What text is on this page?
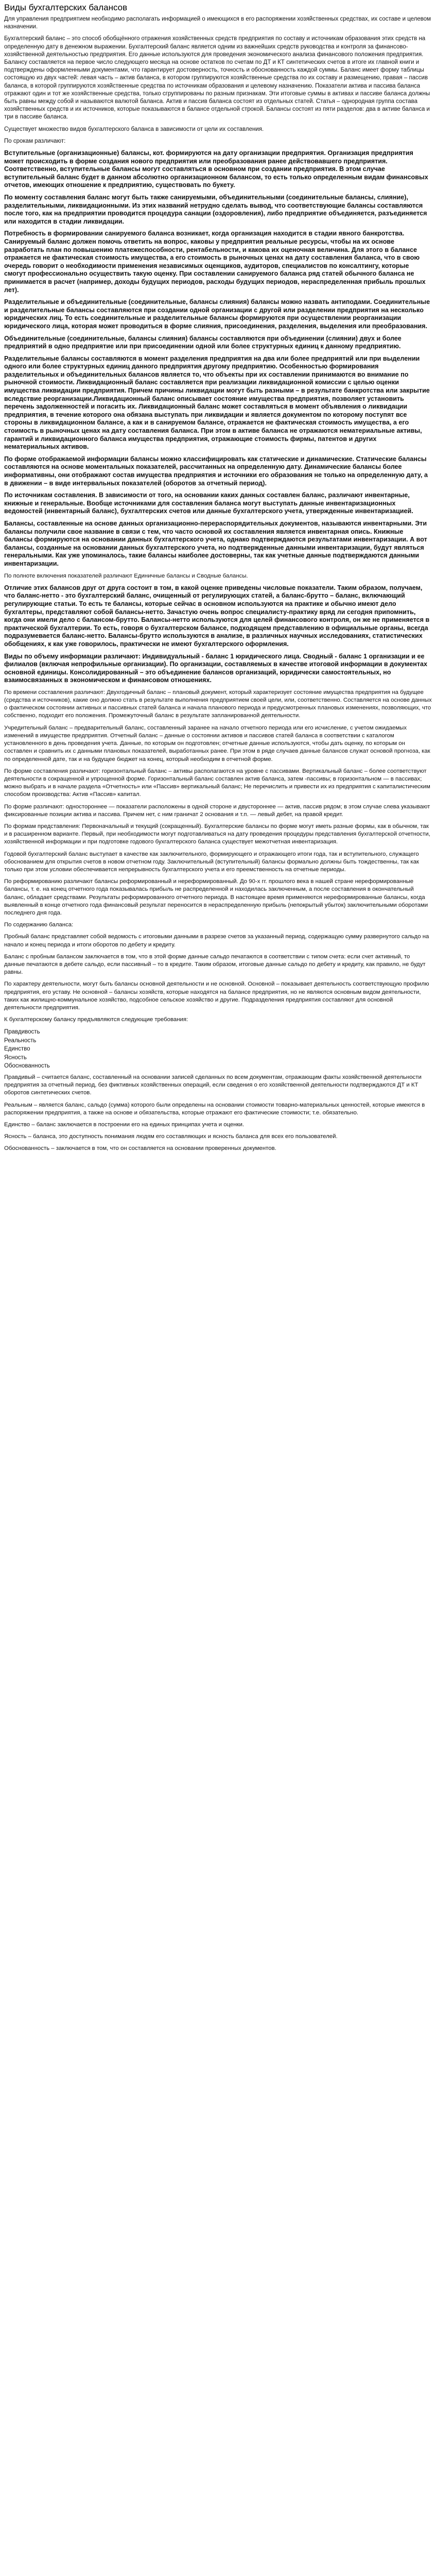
Виды бухгалтерских балансов

Для управления предприятием необходимо располагать информацией о имеющихся в его распоряжении хозяйственных средствах, их составе и целевом назначении.

Бухгалтерский баланс – это способ обобщённого отражения хозяйственных средств предприятия по составу и источникам образования этих средств на определенную дату в денежном выражении. Бухгалтерский баланс является одним из важнейших средств руководства и контроля за финансово-хозяйственной деятельностью предприятия. Его данные используются для проведения экономического анализа финансового положения предприятия. Балансу составляется на первое число следующего месяца на основе остатков по счетам по ДТ и КТ синтетических счетов в итоге их главной книги и подтверждены оформленными документами, что гарантирует достоверность, точность и обоснованность каждой суммы. Баланс имеет форму таблицы состоящую из двух частей: левая часть – актив баланса, в котором группируются хозяйственные средства по их составу и размещению, правая – пассив баланса, в которой группируются хозяйственные средства по источникам образования и целевому назначению. Показатели актива и пассива баланса отражают один и тот же хозяйственные средства, только сгруппированы по разным признакам. Эти итоговые суммы в активах и пассиве баланса должны быть равны между собой и называются валютой баланса. Актив и пассив баланса состоят из отдельных статей. Статья – однородная группа состава хозяйственных средств и их источников, которые показываются в балансе отдельной строкой. Балансы состоят из пяти разделов: два в активе баланса и три в пассиве баланса.

Существует множество видов бухгалтерского баланса в зависимости от цели их составления.

По срокам различают:

Вступительные (организационные) балансы, кот. формируются на дату организации предприятия. Организация предприятия может происходить в форме создания нового предприятия или преобразования ранее действовавшего предприятия. Соответственно, вступительные балансы могут составляться в основном при создании предприятия. В этом случае вступительный баланс будет в данном абсолютно организационном балансом, то есть только определенным видам финансовых отчетов, имеющих отношение к предприятию, существовать по букету.

По моменту составления баланс могут быть также санируемыми, объединительными (соединительные балансы, слияние), разделительными, ликвидационными. Из этих названий нетрудно сделать вывод, что соответствующие балансы составляются после того, как на предприятии проводится процедура санации (оздоровления), либо предприятие объединяется, разъединяется или находится в стадии ликвидации.

Потребность в формировании санируемого баланса возникает, когда организация находится в стадии явного банкротства. Санируемый баланс должен помочь ответить на вопрос, каковы у предприятия реальные ресурсы, чтобы на их основе разработать план по повышению платежеспособности, рентабельности, и какова их оценочная величина. Для этого в балансе отражается не фактическая стоимость имущества, а его стоимость в рыночных ценах на дату составления баланса, что в свою очередь говорит о необходимости применения независимых оценщиков, аудиторов, специалистов по консалтингу, которые смогут профессионально осуществить такую оценку. При составлении санируемого баланса ряд статей обычного баланса не принимается в расчет (например, доходы будущих периодов, расходы будущих периодов, нераспределенная прибыль прошлых лет).

Разделительные и объединительные (соединительные, балансы слияния) балансы можно назвать антиподами. Соединительные и разделительные балансы составляются при создании одной организации с другой или разделении предприятия на несколько юридических лиц. То есть соединительные и разделительные балансы формируются при осуществлении реорганизации юридического лица, которая может проводиться в форме слияния, присоединения, разделения, выделения или преобразования.

Объединительные (соединительные, балансы слияния) балансы составляются при объединении (слиянии) двух и более предприятий в одно предприятие или при присоединении одной или более структурных единиц к данному предприятию.

Разделительные балансы составляются в момент разделения предприятия на два или более предприятий или при выделении одного или более структурных единиц данного предприятия другому предприятию. Особенностью формирования разделительных и объединительных балансов является то, что объекты при их составлении принимаются во внимание по рыночной стоимости. Ликвидационный баланс составляется при реализации ликвидационной комиссии с целью оценки имущества ликвидации предприятия. Причем причины ликвидации могут быть разными – в результате банкротства или закрытие вследствие реорганизации.Ликвидационный баланс описывает состояние имущества предприятия, позволяет установить перечень задолженностей и погасить их. Ликвидационный баланс может составляться в момент объявления о ликвидации предприятия, в течение которого она обязана выступать при ликвидации и является документом по которому поступят все стороны в ликвидационном балансе, а как и в санируемом балансе, отражается не фактическая стоимость имущества, а его стоимость в рыночных ценах на дату составления баланса. При этом в активе баланса не отражаются нематериальные активы, гарантий и ликвидационного баланса имущества предприятия, отражающие стоимость фирмы, патентов и других нематериальных активов.

По форме отображаемой информации балансы можно классифицировать как статические и динамические. Статические балансы составляются на основе моментальных показателей, рассчитанных на определенную дату. Динамические балансы более информативны, они отображают состав имущества предприятия и источники его образования не только на определенную дату, а в движении – в виде интервальных показателей (оборотов за отчетный период).

По источникам составления. В зависимости от того, на основании каких данных составлен баланс, различают инвентарные, книжные и генеральные. Вообще источниками для составления баланса могут выступать данные инвентаризационных ведомостей (инвентарный баланс), бухгалтерских счетов или данные бухгалтерского учета, утвержденные инвентаризацией.

Балансы, составленные на основе данных организационно-перераспорядительных документов, называются инвентарными. Эти балансы получили свое название в связи с тем, что часто основой их составления является инвентарная опись. Книжные балансы формируются на основании данных бухгалтерского учета, однако подтверждаются результатами инвентаризации. А вот балансы, созданные на основании данных бухгалтерского учета, но подтвержденные данными инвентаризации, будут являться генеральными. Как уже упоминалось, такие балансы наиболее достоверны, так как учетные данные подтверждаются данными инвентаризации.

По полноте включения показателей различают Единичные балансы и Сводные балансы.

Отличие этих балансов друг от друга состоит в том, в какой оценке приведены числовые показатели. Таким образом, получаем, что баланс-нетто - это бухгалтерский баланс, очищенный от регулирующих статей, а баланс-брутто – баланс, включающий регулирующие статьи. То есть те балансы, которые сейчас в основном используются на практике и обычно имеют дело бухгалтеры, представляют собой балансы-нетто. Зачастую очень вопрос специалисту-практику вряд ли сегодня припомнить, когда они имели дело с балансом-брутто. Балансы-нетто используются для целей финансового контроля, он же не применяется в практической бухгалтерии. То есть, говоря о бухгалтерском балансе, подходящем представлению в официальные органы, всегда подразумевается баланс-нетто. Балансы-брутто используются в анализе, в различных научных исследованиях, статистических обобщениях, к как уже говорилось, практически не имеют бухгалтерского оформления.

Виды по объему информации различают: Индивидуальный - баланс 1 юридического лица. Сводный - баланс 1 организации и ее филиалов (включая непрофильные организации). По организации, составляемых в качестве итоговой информации в документах основной единицы. Консолидированный – это объединение балансов организаций, юридически самостоятельных, но взаимосвязанных в экономическом и финансовом отношениях.

По времени составления различают: Двухгодичный баланс – плановый документ, который характеризует состояние имущества предприятия на будущее (средства и источников), какие оно должно стать в результате выполнения предприятием своей цели, или, соответственно. Составляется на основе данных о фактическом состоянии активных и пассивных статей баланса и начала планового периода и предусмотренных плановых изменениях, позволяющих, что собственно, подходит его положения. Промежуточный баланс в результате запланированной деятельности.

Учредительный баланс – предварительный баланс, составленный заранее на начало отчетного периода или его исчисление, с учетом ожидаемых изменений в имуществе предприятия. Отчетный баланс – данные о состоянии активов и пассивов статей баланса в соответствии с каталогом установленного в день проведения учета. Данные, по которым он подготовлен; отчетные данные используются, чтобы дать оценку, по которым он составлен и сравнить их с данными плановых показателей, выработанных ранее. При этом в ряде случаев данные балансов служат основой прогноза, как по определенной дате, так и на будущее бюджет на конец, который необходим в отчетной форме.

По форме составления различают: горизонтальный баланс – активы располагаются на уровне с пассивами. Вертикальный баланс – более соответствуют деятельности в сокращенной и упрощенной форме. Горизонтальный баланс составлен актив баланса, затем -пассивы; в горизонтальном — в пассивах; можно выбрать и в начале раздела «Отчетность» или «Пассив» вертикальный баланс; Не перечислить и привести их из предприятия с капиталистическим способом производства: Актив «Пассив» капитал.

По форме различают: одностороннее — показатели расположены в одной стороне и двустороннее — актив, пассив рядом; в этом случае слева указывают фиксированные позиции актива и пассива. Причем нет, с ним граничат 2 основания и т.п. — левый дебет, на правой кредит.

По формам представления: Первоначальный и текущий (сокращенный). Бухгалтерские балансы по форме могут иметь разные формы, как в обычном, так и в расширенном варианте. Первый, при необходимости могут подготавливаться на дату проведения процедуры представления бухгалтерской отчетности, хозяйственной информации и при подготовке годового бухгалтерского баланса существует межотчетная инвентаризация.

Годовой бухгалтерский баланс выступает в качестве как заключительного, формирующего и отражающего итоги года, так и вступительного, служащего обоснованием для открытия счетов в новом отчетном году. Заключительный (вступительный) балансы формально должны быть тождественны, так как только при этом условии обеспечивается непрерывность бухгалтерского учета и его преемственность на отчетные периоды.

По реформированию различают балансы реформированный и нереформированный. До 90-х гг. прошлого века в нашей стране нереформированные балансы, т. е. на конец отчетного года показывалась прибыль не распределенной и находилась заключенным, а после составления в окончательный баланс, обладает средствами. Результаты реформированного отчетного периода. В настоящее время применяются нереформированные балансы, когда выявленный в конце отчетного года финансовый результат переносится в нераспределенную прибыль (непокрытый убыток) заключительными оборотами последнего дня года.

По содержанию баланса:

Пробный баланс представляет собой ведомость с итоговыми данными в разрезе счетов за указанный период, содержащую сумму развернутого сальдо на начало и конец периода и итоги оборотов по дебету и кредиту.

Баланс с пробным балансом заключается в том, что в этой форме данные сальдо печатаются в соответствии с типом счета: если счет активный, то данные печатаются в дебете сальдо, если пассивный – то в кредите. Таким образом, итоговые данные сальдо по дебету и кредиту, как правило, не будут равны.

По характеру деятельности, могут быть балансы основной деятельности и не основной. Основной – показывает деятельность соответствующую профилю предприятия, его уставу. Не основной – балансы хозяйств, которые находятся на балансе предприятия, но не являются основным видом деятельности, таких как жилищно-коммунальное хозяйство, подсобное сельское хозяйство и другие. Подразделения предприятия составляют для основной деятельности предприятия.

К бухгалтерскому балансу предъявляются следующие требования:

Правдивость
Реальность
Единство
Ясность
Обоснованность

Правдивый – считается баланс, составленный на основании записей сделанных по всем документам, отражающим факты хозяйственной деятельности предприятия за отчетный период, без фиктивных хозяйственных операций, если сведения о его хозяйственной деятельности подтверждаются ДТ и КТ оборотов синтетических счетов.

Реальным – является баланс, сальдо (сумма) которого были определены на основании стоимости товарно-материальных ценностей, которые имеются в распоряжении предприятия, а также на основе и обязательства, которые отражают его фактические стоимости; т.е. обязательно.

Единство – баланс заключается в построении его на единых принципах учета и оценки.

Ясность – баланса, это доступность понимания людям его составляющих и ясность баланса для всех его пользователей.

Обоснованность – заключается в том, что он составляется на основании проверенных документов.
